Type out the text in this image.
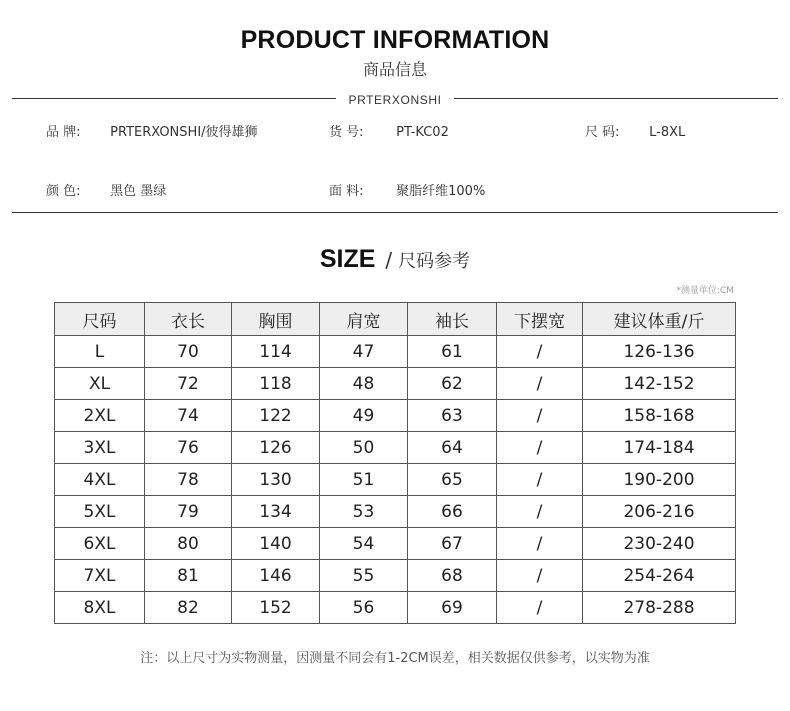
PRODUCT INFORMATION
商品信息
PRTERXONSHI
品 牌: PRTERXONSHI/彼得雄狮	货 号:	PT-KC02	尺 码: L-8XL
颜 色: 黑色 墨绿	面 料:	聚脂纤维100%
SIZE / 尺码参考
*测量单位:CM
尺码	衣长	胸围	肩宽	袖长	下摆宽	建议体重/斤
L	70	114	47	61	/	126-136
XL	72	118	48	62	/	142-152
2XL	74	122	49	63	/	158-168
3XL	76	126	50	64	/	174-184
4XL	78	130	51	65	/	190-200
5XL	79	134	53	66	/	206-216
6XL	80	140	54	67	/	230-240
7XL	81	146	55	68	/	254-264
8XL	82	152	56	69	/	278-288
注：以上尺寸为实物测量，因测量不同会有1-2CM误差，相关数据仅供参考，以实物为准
